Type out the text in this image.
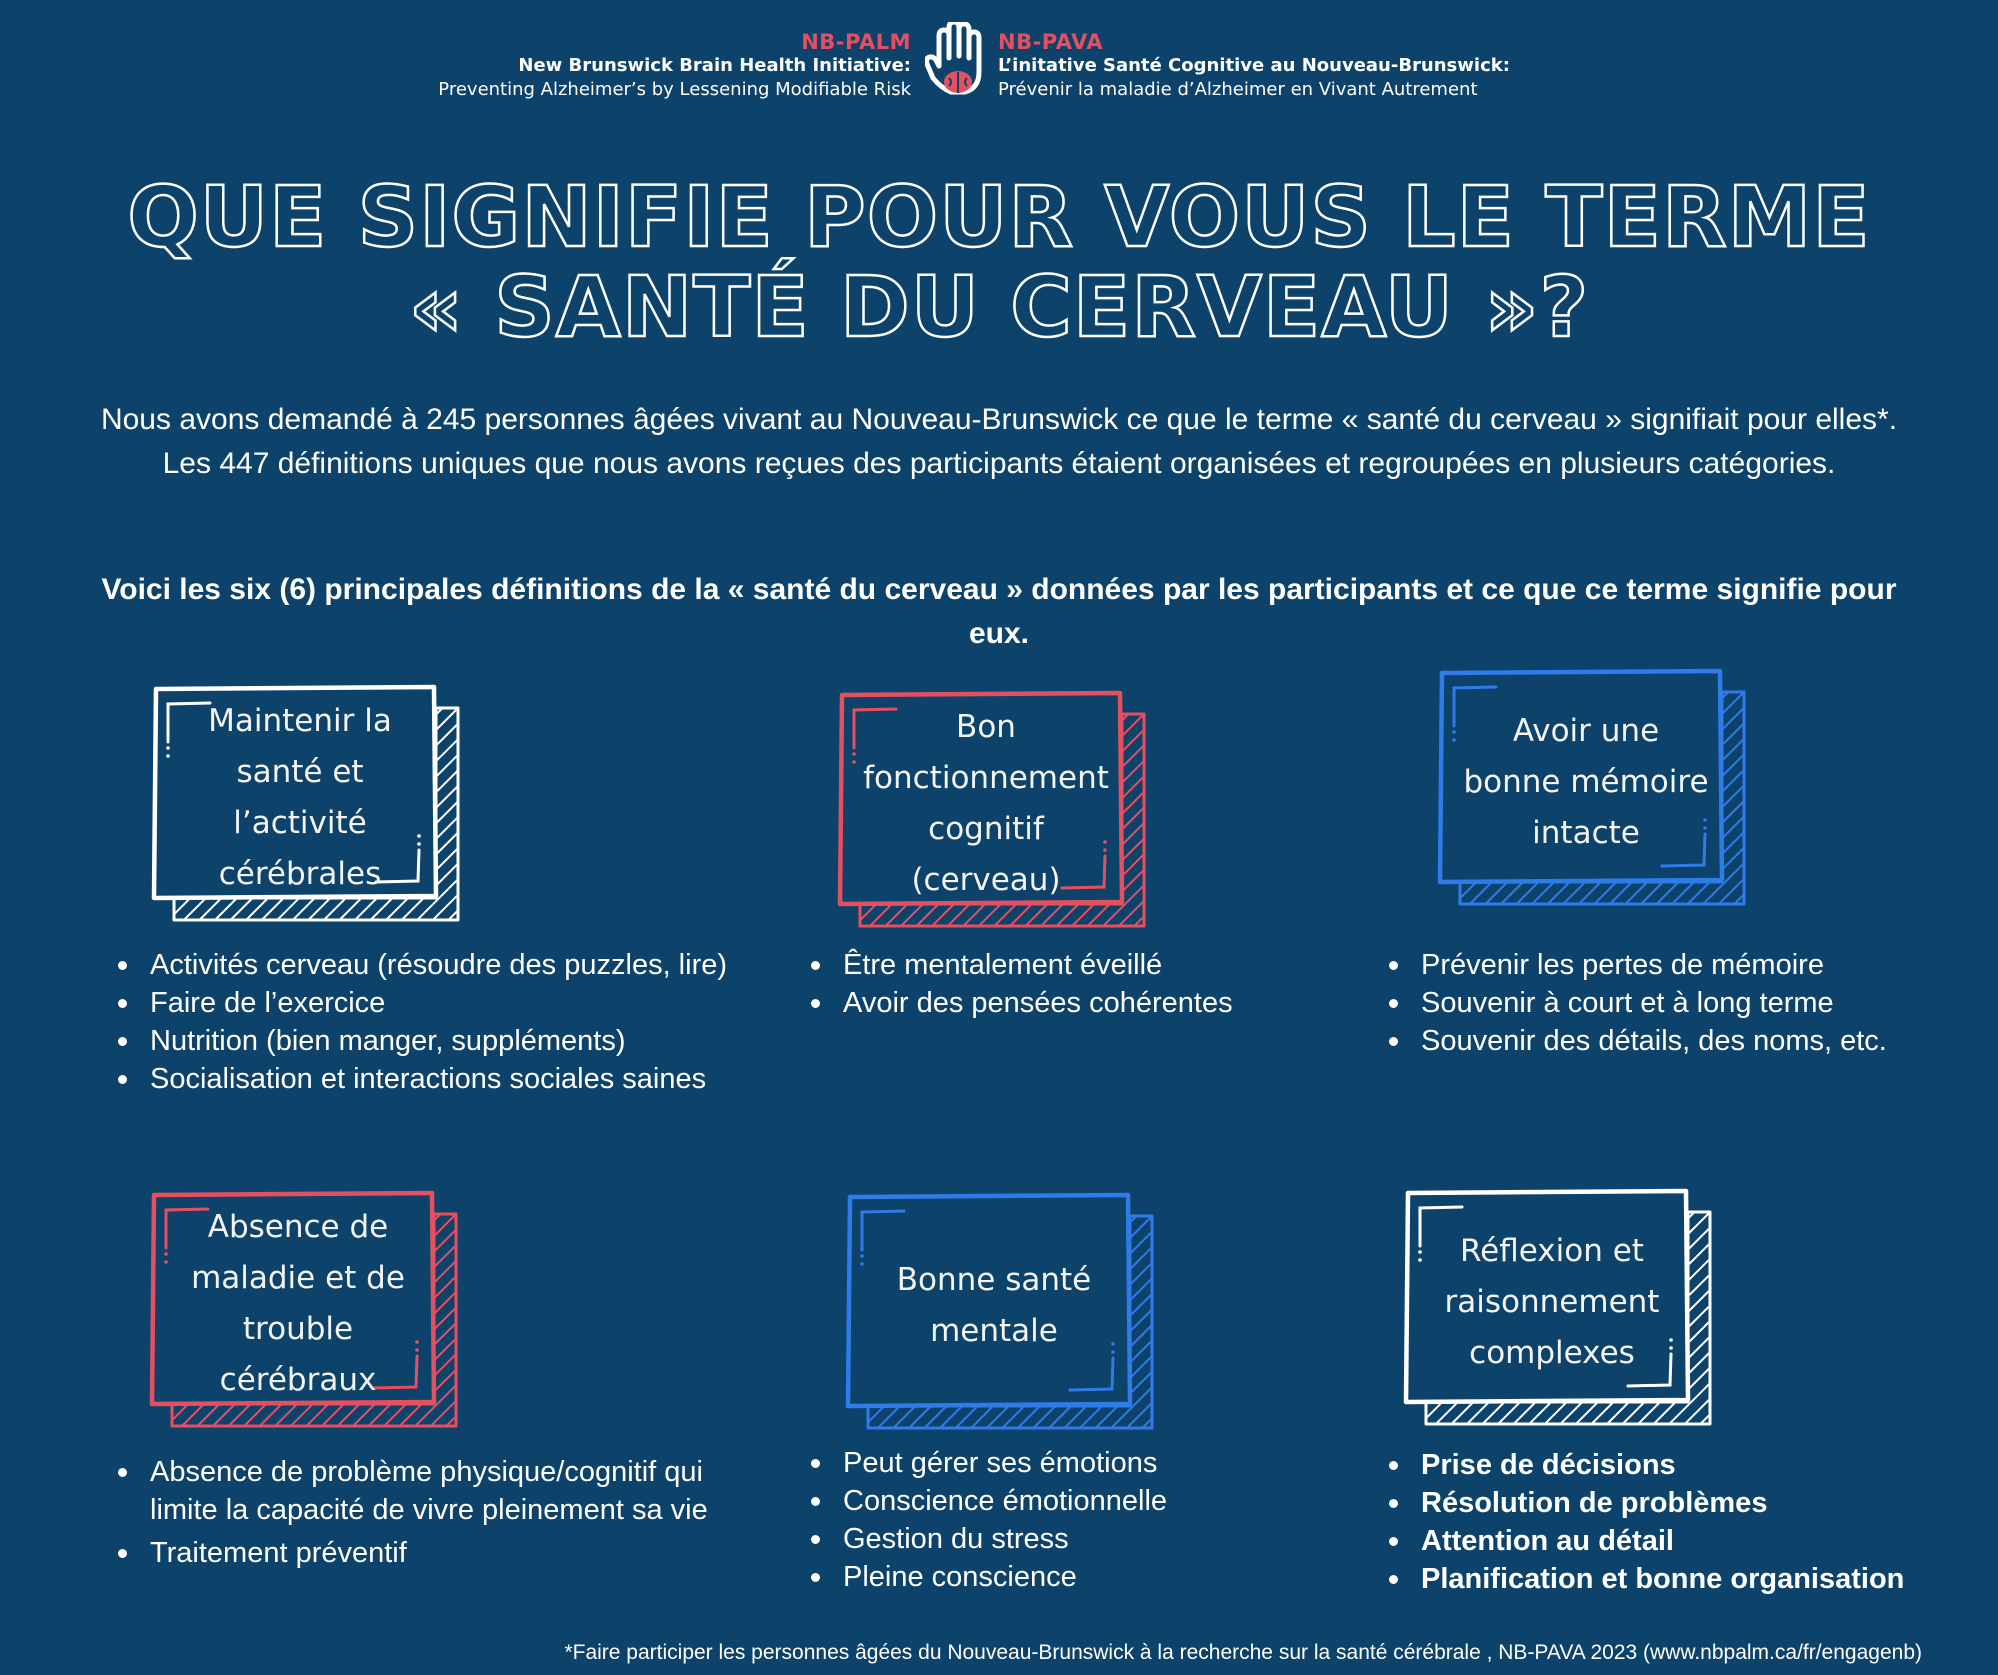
NB-PALM
New Brunswick Brain Health Initiative:
Preventing Alzheimer’s by Lessening Modifiable Risk
NB-PAVA
L’initative Santé Cognitive au Nouveau-Brunswick:
Prévenir la maladie d’Alzheimer en Vivant Autrement
QUE SIGNIFIE POUR VOUS LE TERME
« SANTÉ DU CERVEAU »?

Nous avons demandé à 245 personnes âgées vivant au Nouveau-Brunswick ce que le terme « santé du cerveau » signifiait pour elles*. Les 447 définitions uniques que nous avons reçues des participants étaient organisées et regroupées en plusieurs catégories.

Voici les six (6) principales définitions de la « santé du cerveau » données par les participants et ce que ce terme signifie pour eux.

Maintenir la
santé et l’activité
cérébrales
Bon
fonctionnement
cognitif
(cerveau)
Avoir une
bonne mémoire
intacte
Absence de
maladie et de
trouble
cérébraux
Bonne santé
mentale
Réflexion et
raisonnement
complexes
Activités cerveau (résoudre des puzzles, lire)
Faire de l’exercice
Nutrition (bien manger, suppléments)
Socialisation et interactions sociales saines
Être mentalement éveillé
Avoir des pensées cohérentes
Prévenir les pertes de mémoire
Souvenir à court et à long terme
Souvenir des détails, des noms, etc.
Absence de problème physique/cognitif qui limite la capacité de vivre pleinement sa vie
Traitement préventif
Peut gérer ses émotions
Conscience émotionnelle
Gestion du stress
Pleine conscience
Prise de décisions
Résolution de problèmes
Attention au détail
Planification et bonne organisation
*Faire participer les personnes âgées du Nouveau-Brunswick à la recherche sur la santé cérébrale , NB-PAVA 2023 (www.nbpalm.ca/fr/engagenb)
